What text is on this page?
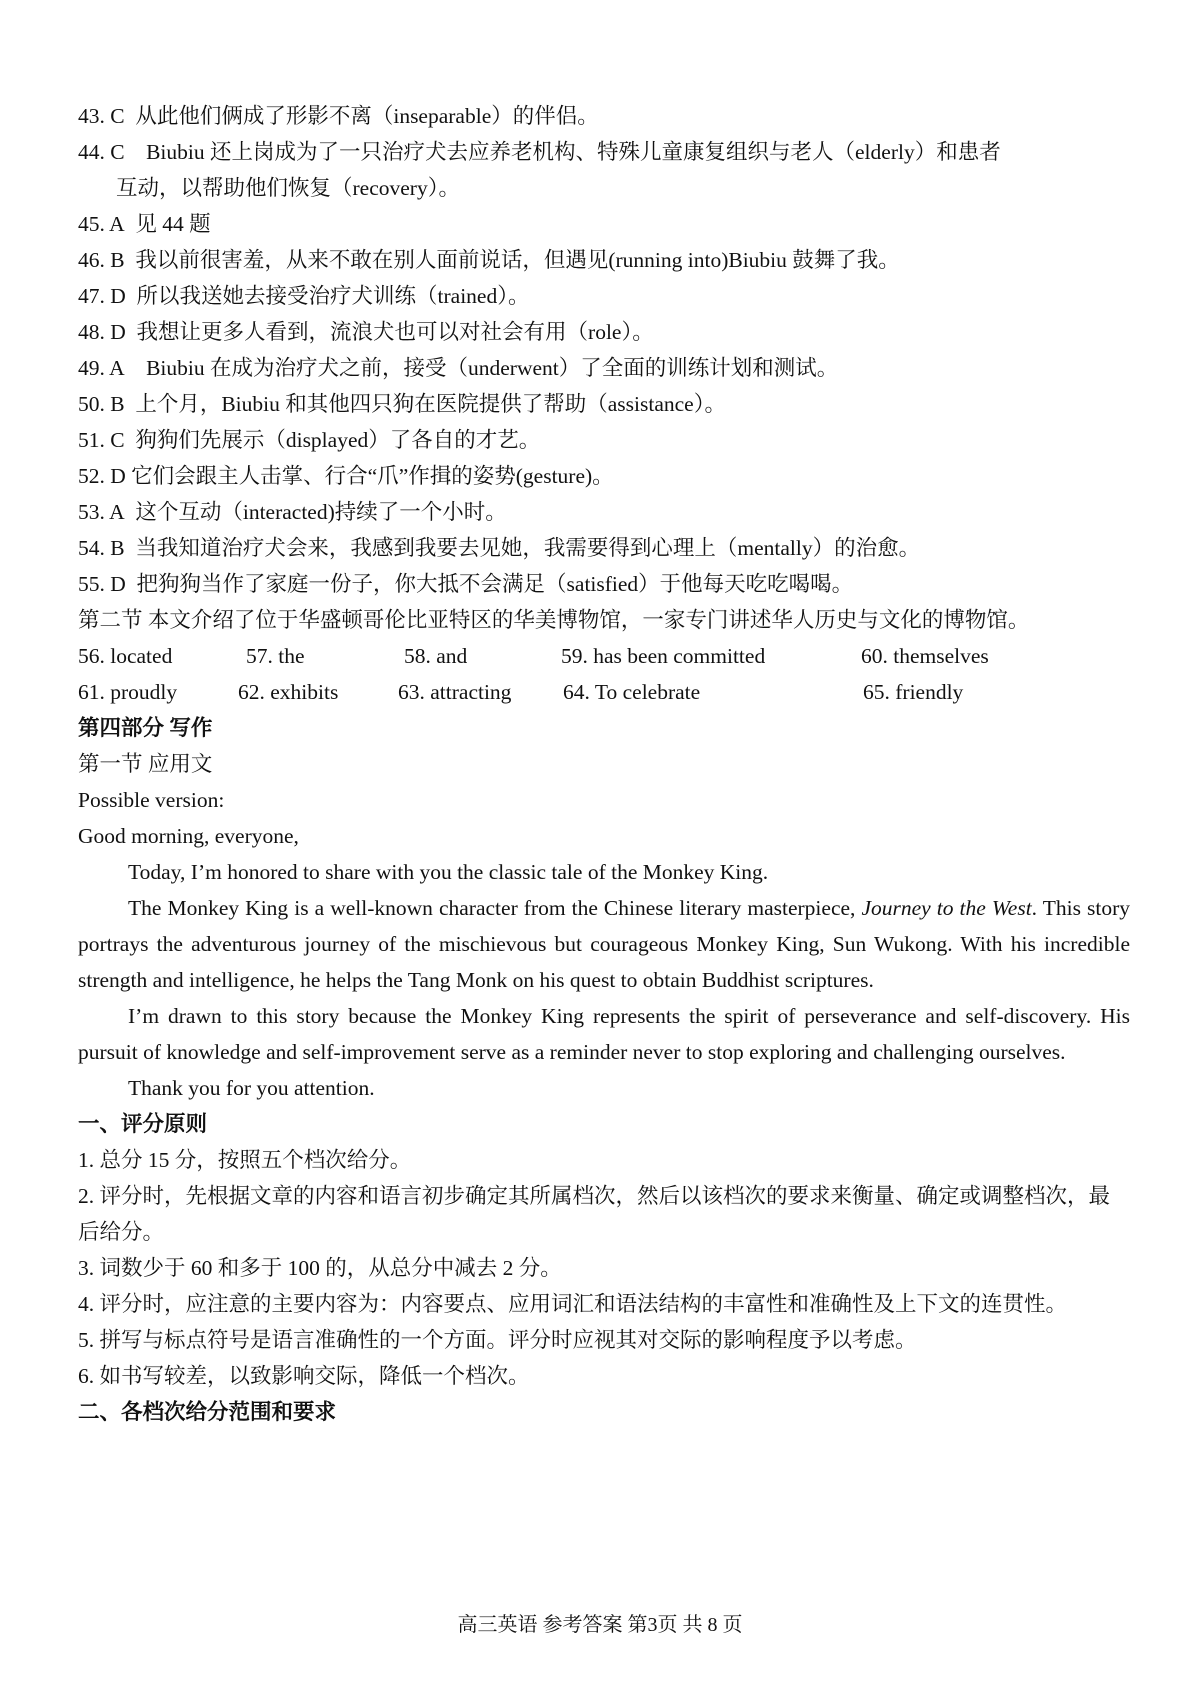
43. C 从此他们俩成了形影不离（inseparable）的伴侣。
44. C Biubiu 还上岗成为了一只治疗犬去应养老机构、特殊儿童康复组织与老人（elderly）和患者
互动，以帮助他们恢复（recovery）。
45. A 见 44 题
46. B 我以前很害羞，从来不敢在别人面前说话，但遇见(running into)Biubiu 鼓舞了我。
47. D 所以我送她去接受治疗犬训练（trained）。
48. D 我想让更多人看到，流浪犬也可以对社会有用（role）。
49. A Biubiu 在成为治疗犬之前，接受（underwent）了全面的训练计划和测试。
50. B 上个月，Biubiu 和其他四只狗在医院提供了帮助（assistance）。
51. C 狗狗们先展示（displayed）了各自的才艺。
52. D 它们会跟主人击掌、行合“爪”作揖的姿势(gesture)。
53. A 这个互动（interacted)持续了一个小时。
54. B 当我知道治疗犬会来，我感到我要去见她，我需要得到心理上（mentally）的治愈。
55. D 把狗狗当作了家庭一份子，你大抵不会满足（satisfied）于他每天吃吃喝喝。
第二节 本文介绍了位于华盛顿哥伦比亚特区的华美博物馆，一家专门讲述华人历史与文化的博物馆。
56. located	57. the	58. and	59. has been committed	60. themselves
61. proudly	62. exhibits	63. attracting	64. To celebrate	65. friendly
第四部分 写作
第一节 应用文
Possible version:
Good morning, everyone,
Today, I’m honored to share with you the classic tale of the Monkey King.
The Monkey King is a well-known character from the Chinese literary masterpiece, Journey to the West. This story portrays the adventurous journey of the mischievous but courageous Monkey King, Sun Wukong. With his incredible strength and intelligence, he helps the Tang Monk on his quest to obtain Buddhist scriptures.
I’m drawn to this story because the Monkey King represents the spirit of perseverance and self-discovery. His pursuit of knowledge and self-improvement serve as a reminder never to stop exploring and challenging ourselves.
Thank you for you attention.
一、评分原则
1. 总分 15 分，按照五个档次给分。
2. 评分时，先根据文章的内容和语言初步确定其所属档次，然后以该档次的要求来衡量、确定或调整档次，最后给分。
3. 词数少于 60 和多于 100 的，从总分中减去 2 分。
4. 评分时，应注意的主要内容为：内容要点、应用词汇和语法结构的丰富性和准确性及上下文的连贯性。
5. 拼写与标点符号是语言准确性的一个方面。评分时应视其对交际的影响程度予以考虑。
6. 如书写较差，以致影响交际，降低一个档次。
二、各档次给分范围和要求
高三英语 参考答案 第3页 共 8 页
